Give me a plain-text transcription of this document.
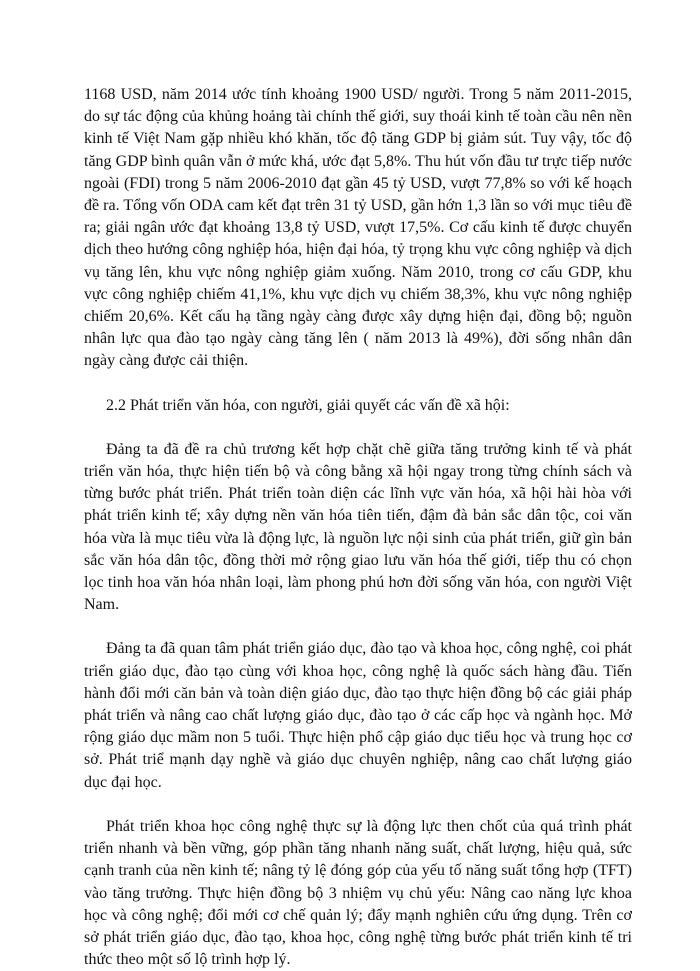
1168 USD, năm 2014 ước tính khoảng 1900 USD/ người. Trong 5 năm 2011-2015, do sự tác động của khủng hoảng tài chính thế giới, suy thoái kinh tế toàn cầu nên nền kinh tế Việt Nam gặp nhiều khó khăn, tốc độ tăng GDP bị giảm sút. Tuy vậy, tốc độ tăng GDP bình quân vẫn ở mức khá, ước đạt 5,8%. Thu hút vốn đầu tư trực tiếp nước ngoài (FDI) trong 5 năm 2006-2010 đạt gần 45 tỷ USD, vượt 77,8% so với kế hoạch đề ra. Tổng vốn ODA cam kết đạt trên 31 tỷ USD, gần hớn 1,3 lần so với mục tiêu đề ra; giải ngân ước đạt khoảng 13,8 tỷ USD, vượt 17,5%. Cơ cấu kinh tế được chuyển dịch theo hướng công nghiệp hóa, hiện đại hóa, tỷ trọng khu vực công nghiệp và dịch vụ tăng lên, khu vực nông nghiệp giảm xuống. Năm 2010, trong cơ cấu GDP, khu vực công nghiệp chiếm 41,1%, khu vực dịch vụ chiếm 38,3%, khu vực nông nghiệp chiếm 20,6%. Kết cấu hạ tầng ngày càng được xây dựng hiện đại, đồng bộ; nguồn nhân lực qua đào tạo ngày càng tăng lên ( năm 2013 là 49%), đời sống nhân dân ngày càng được cải thiện.

2.2 Phát triển văn hóa, con người, giải quyết các vấn đề xã hội:

Đảng ta đã đề ra chủ trương kết hợp chặt chẽ giữa tăng trưởng kinh tế và phát triển văn hóa, thực hiện tiến bộ và công bằng xã hội ngay trong từng chính sách và từng bước phát triển. Phát triển toàn diện các lĩnh vực văn hóa, xã hội hài hòa với phát triển kinh tế; xây dựng nền văn hóa tiên tiến, đậm đà bản sắc dân tộc, coi văn hóa vừa là mục tiêu vừa là động lực, là nguồn lực nội sinh của phát triển, giữ gìn bản sắc văn hóa dân tộc, đồng thời mở rộng giao lưu văn hóa thế giới, tiếp thu có chọn lọc tinh hoa văn hóa nhân loại, làm phong phú hơn đời sống văn hóa, con người Việt Nam.

Đảng ta đã quan tâm phát triển giáo dục, đào tạo và khoa học, công nghệ, coi phát triển giáo dục, đào tạo cùng với khoa học, công nghệ là quốc sách hàng đầu. Tiến hành đổi mới căn bản và toàn diện giáo dục, đào tạo thực hiện đồng bộ các giải pháp phát triển và nâng cao chất lượng giáo dục, đào tạo ở các cấp học và ngành học. Mở rộng giáo dục mầm non 5 tuổi. Thực hiện phổ cập giáo dục tiểu học và trung học cơ sở. Phát triể mạnh dạy nghề và giáo dục chuyên nghiệp, nâng cao chất lượng giáo dục đại học.

Phát triển khoa học công nghệ thực sự là động lực then chốt của quá trình phát triển nhanh và bền vững, góp phần tăng nhanh năng suất, chất lượng, hiệu quả, sức cạnh tranh của nền kinh tế; nâng tỷ lệ đóng góp của yếu tố năng suất tổng hợp (TFT) vào tăng trưởng. Thực hiện đồng bộ 3 nhiệm vụ chủ yếu: Nâng cao năng lực khoa học và công nghệ; đổi mới cơ chế quản lý; đẩy mạnh nghiên cứu ứng dụng. Trên cơ sở phát triển giáo dục, đào tạo, khoa học, công nghệ từng bước phát triển kinh tế tri thức theo một số lộ trình hợp lý.
